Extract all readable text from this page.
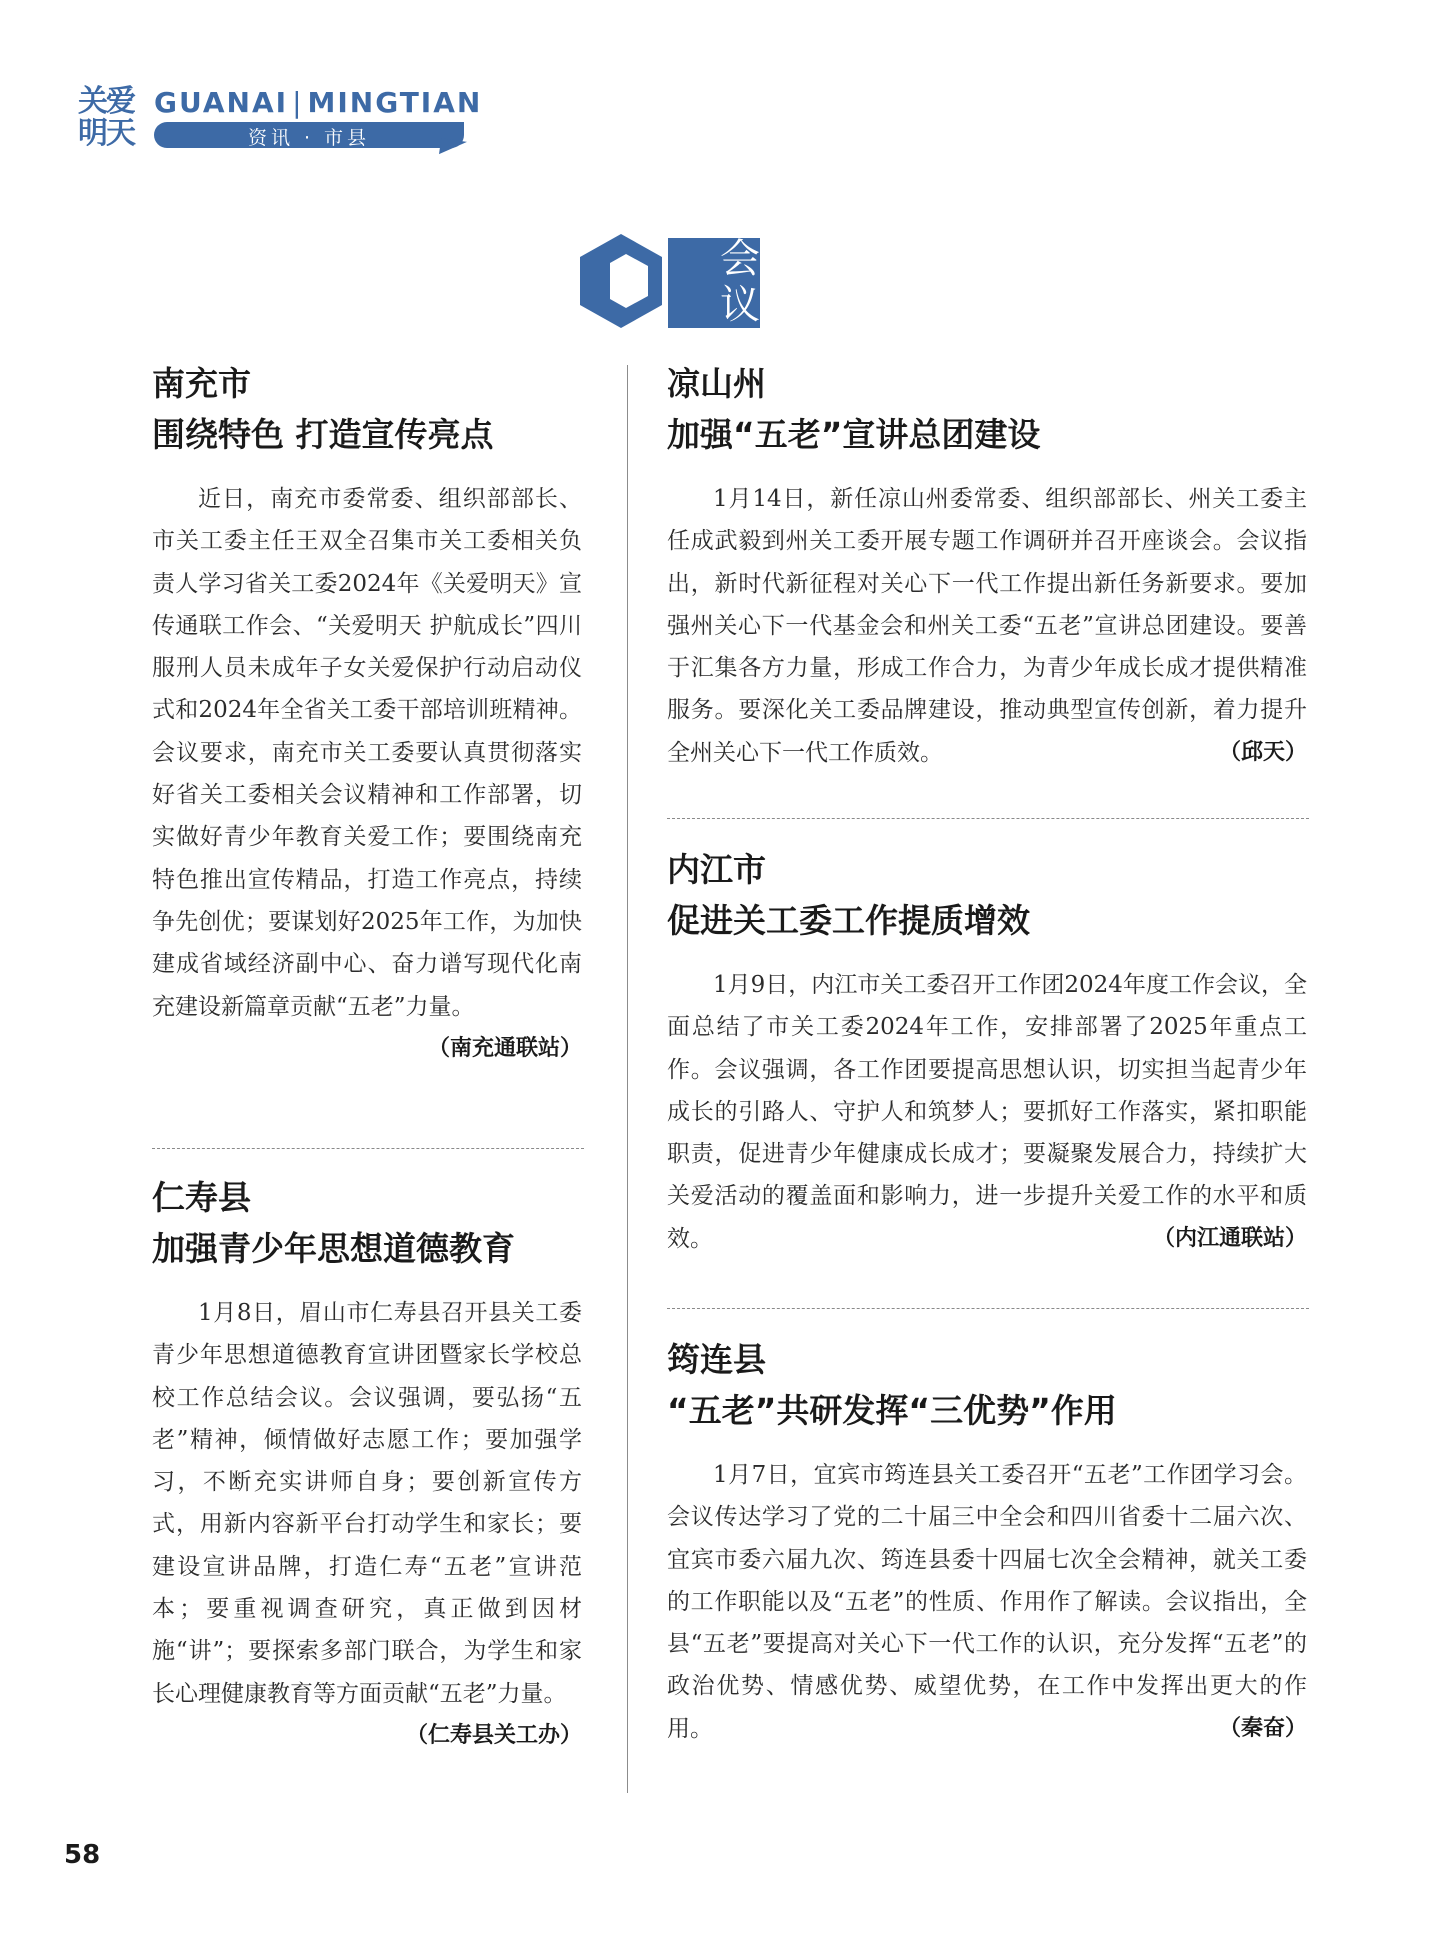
关爱明天
GUANAI | MINGTIAN
资讯 · 市县
会议
南充市
围绕特色 打造宣传亮点

近日，南充市委常委、组织部部长、市关工委主任王双全召集市关工委相关负责人学习省关工委2024年《关爱明天》宣传通联工作会、“关爱明天 护航成长”四川服刑人员未成年子女关爱保护行动启动仪式和2024年全省关工委干部培训班精神。会议要求，南充市关工委要认真贯彻落实好省关工委相关会议精神和工作部署，切实做好青少年教育关爱工作；要围绕南充特色推出宣传精品，打造工作亮点，持续争先创优；要谋划好2025年工作，为加快建成省域经济副中心、奋力谱写现代化南充建设新篇章贡献“五老”力量。
（南充通联站）

仁寿县
加强青少年思想道德教育

1月8日，眉山市仁寿县召开县关工委青少年思想道德教育宣讲团暨家长学校总校工作总结会议。会议强调，要弘扬“五老”精神，倾情做好志愿工作；要加强学习，不断充实讲师自身；要创新宣传方式，用新内容新平台打动学生和家长；要建设宣讲品牌，打造仁寿“五老”宣讲范本；要重视调查研究，真正做到因材施“讲”；要探索多部门联合，为学生和家长心理健康教育等方面贡献“五老”力量。
（仁寿县关工办）

凉山州
加强“五老”宣讲总团建设

1月14日，新任凉山州委常委、组织部部长、州关工委主任成武毅到州关工委开展专题工作调研并召开座谈会。会议指出，新时代新征程对关心下一代工作提出新任务新要求。要加强州关心下一代基金会和州关工委“五老”宣讲总团建设。要善于汇集各方力量，形成工作合力，为青少年成长成才提供精准服务。要深化关工委品牌建设，推动典型宣传创新，着力提升全州关心下一代工作质效。	（邱天）

内江市
促进关工委工作提质增效

1月9日，内江市关工委召开工作团2024年度工作会议，全面总结了市关工委2024年工作，安排部署了2025年重点工作。会议强调，各工作团要提高思想认识，切实担当起青少年成长的引路人、守护人和筑梦人；要抓好工作落实，紧扣职能职责，促进青少年健康成长成才；要凝聚发展合力，持续扩大关爱活动的覆盖面和影响力，进一步提升关爱工作的水平和质效。	（内江通联站）

筠连县
“五老”共研发挥“三优势”作用

1月7日，宜宾市筠连县关工委召开“五老”工作团学习会。会议传达学习了党的二十届三中全会和四川省委十二届六次、宜宾市委六届九次、筠连县委十四届七次全会精神，就关工委的工作职能以及“五老”的性质、作用作了解读。会议指出，全县“五老”要提高对关心下一代工作的认识，充分发挥“五老”的政治优势、情感优势、威望优势，在工作中发挥出更大的作用。	（秦奋）

58
